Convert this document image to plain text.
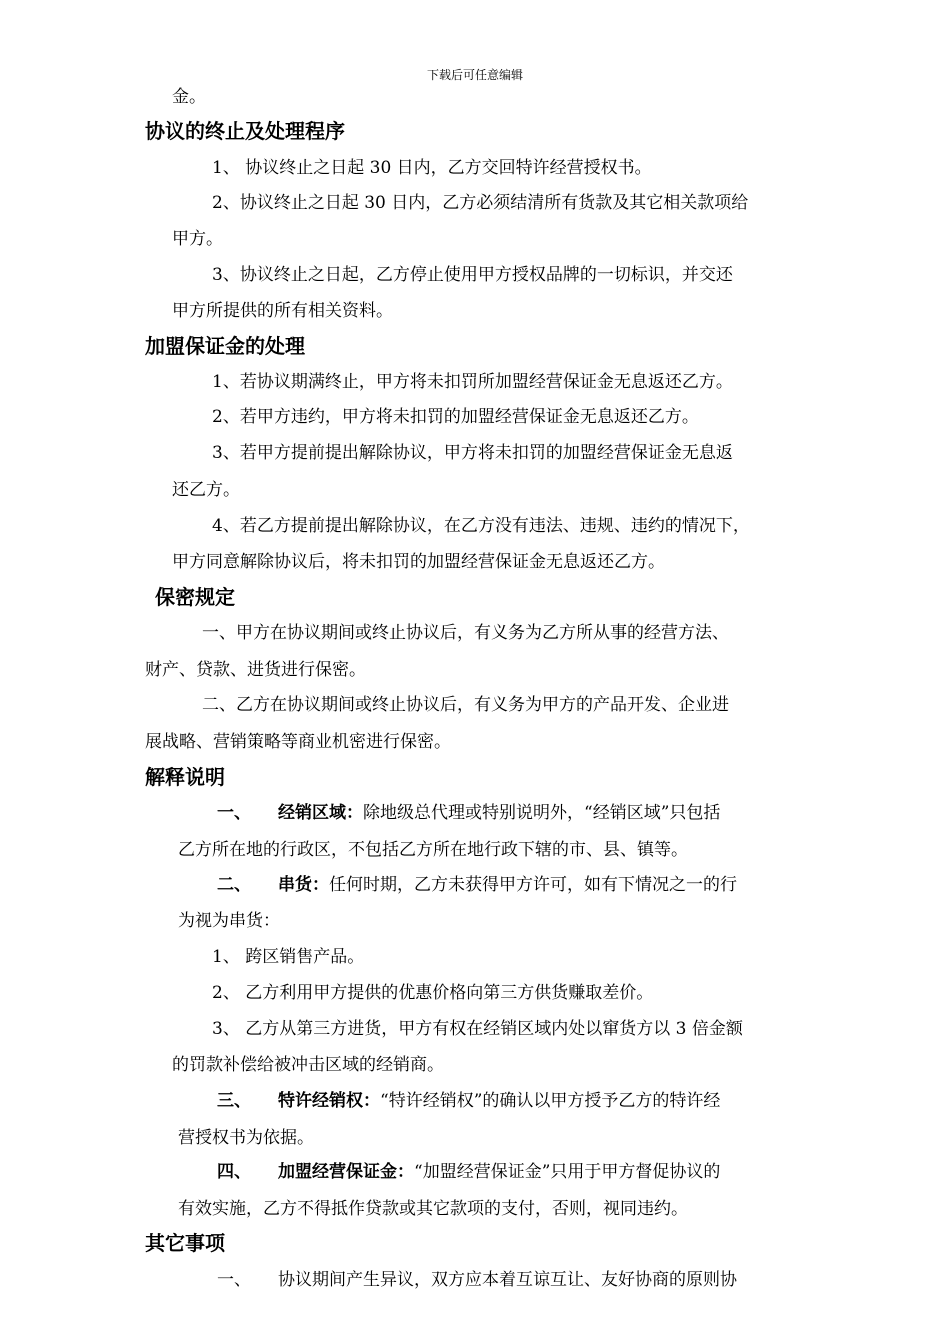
下载后可任意编辑
金。
协议的终止及处理程序
1、 协议终止之日起 30 日内，乙方交回特许经营授权书。
2、协议终止之日起 30 日内，乙方必须结清所有货款及其它相关款项给
甲方。
3、协议终止之日起，乙方停止使用甲方授权品牌的一切标识，并交还
甲方所提供的所有相关资料。
加盟保证金的处理
1、若协议期满终止，甲方将未扣罚所加盟经营保证金无息返还乙方。
2、若甲方违约，甲方将未扣罚的加盟经营保证金无息返还乙方。
3、若甲方提前提出解除协议，甲方将未扣罚的加盟经营保证金无息返
还乙方。
4、若乙方提前提出解除协议，在乙方没有违法、违规、违约的情况下，
甲方同意解除协议后，将未扣罚的加盟经营保证金无息返还乙方。
保密规定
一、甲方在协议期间或终止协议后，有义务为乙方所从事的经营方法、
财产、贷款、进货进行保密。
二、乙方在协议期间或终止协议后，有义务为甲方的产品开发、企业进
展战略、营销策略等商业机密进行保密。
解释说明
一、 经销区域：除地级总代理或特别说明外，“经销区域”只包括
乙方所在地的行政区，不包括乙方所在地行政下辖的市、县、镇等。
二、 串货：任何时期，乙方未获得甲方许可，如有下情况之一的行
为视为串货：
1、 跨区销售产品。
2、 乙方利用甲方提供的优惠价格向第三方供货赚取差价。
3、 乙方从第三方进货，甲方有权在经销区域内处以窜货方以 3 倍金额
的罚款补偿给被冲击区域的经销商。
三、 特许经销权：“特许经销权”的确认以甲方授予乙方的特许经
营授权书为依据。
四、 加盟经营保证金：“加盟经营保证金”只用于甲方督促协议的
有效实施，乙方不得抵作贷款或其它款项的支付，否则，视同违约。
其它事项
一、 协议期间产生异议，双方应本着互谅互让、友好协商的原则协
